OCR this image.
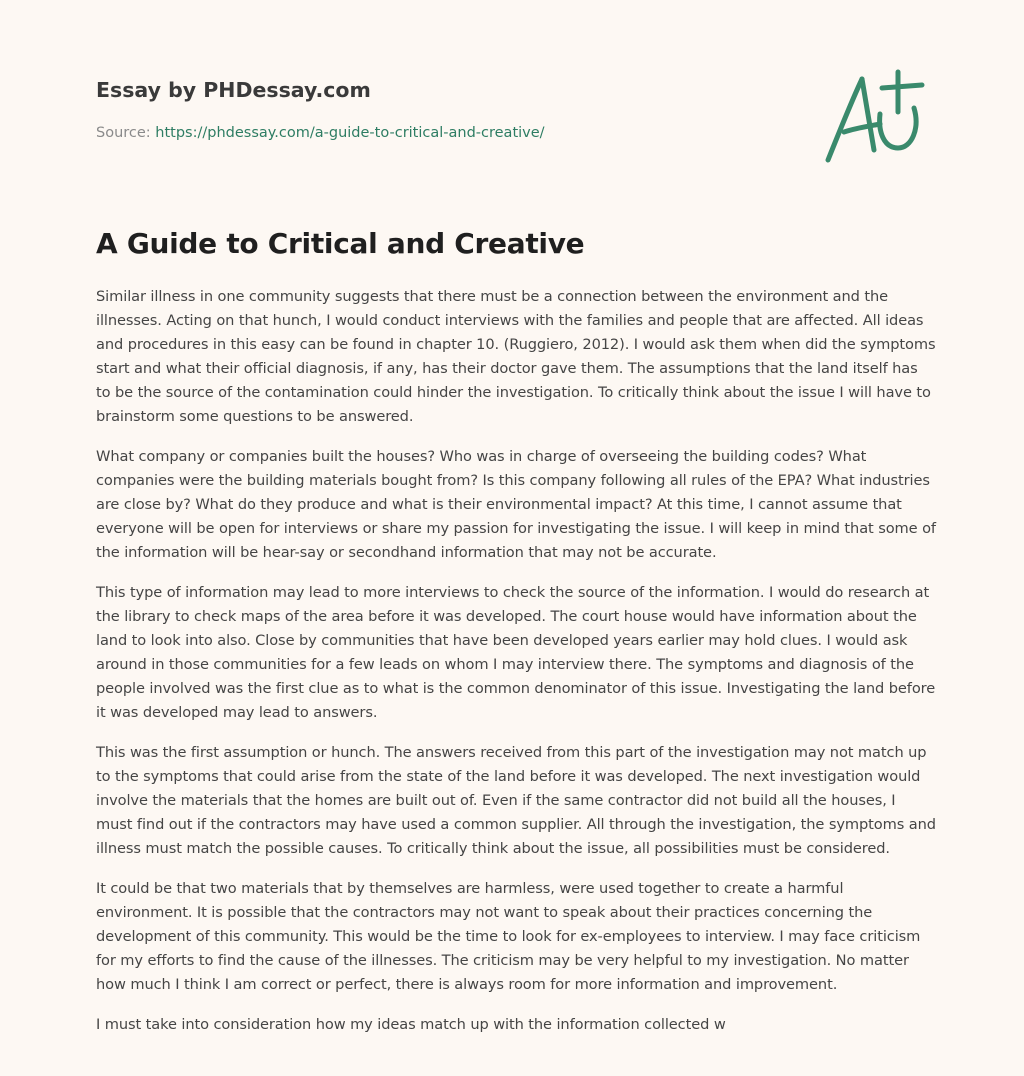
Essay by PHDessay.com
Source: https://phdessay.com/a-guide-to-critical-and-creative/
A Guide to Critical and Creative

Similar illness in one community suggests that there must be a connection between the environment and the illnesses. Acting on that hunch, I would conduct interviews with the families and people that are affected. All ideas and procedures in this easy can be found in chapter 10. (Ruggiero, 2012). I would ask them when did the symptoms start and what their official diagnosis, if any, has their doctor gave them. The assumptions that the land itself has to be the source of the contamination could hinder the investigation. To critically think about the issue I will have to brainstorm some questions to be answered.

What company or companies built the houses? Who was in charge of overseeing the building codes? What companies were the building materials bought from? Is this company following all rules of the EPA? What industries are close by? What do they produce and what is their environmental impact? At this time, I cannot assume that everyone will be open for interviews or share my passion for investigating the issue. I will keep in mind that some of the information will be hear-say or secondhand information that may not be accurate.

This type of information may lead to more interviews to check the source of the information. I would do research at the library to check maps of the area before it was developed. The court house would have information about the land to look into also. Close by communities that have been developed years earlier may hold clues. I would ask around in those communities for a few leads on whom I may interview there. The symptoms and diagnosis of the people involved was the first clue as to what is the common denominator of this issue. Investigating the land before it was developed may lead to answers.

This was the first assumption or hunch. The answers received from this part of the investigation may not match up to the symptoms that could arise from the state of the land before it was developed. The next investigation would involve the materials that the homes are built out of. Even if the same contractor did not build all the houses, I must find out if the contractors may have used a common supplier. All through the investigation, the symptoms and illness must match the possible causes. To critically think about the issue, all possibilities must be considered.

It could be that two materials that by themselves are harmless, were used together to create a harmful environment. It is possible that the contractors may not want to speak about their practices concerning the development of this community. This would be the time to look for ex-employees to interview. I may face criticism for my efforts to find the cause of the illnesses. The criticism may be very helpful to my investigation. No matter how much I think I am correct or perfect, there is always room for more information and improvement.

I must take into consideration how my ideas match up with the information collected w
